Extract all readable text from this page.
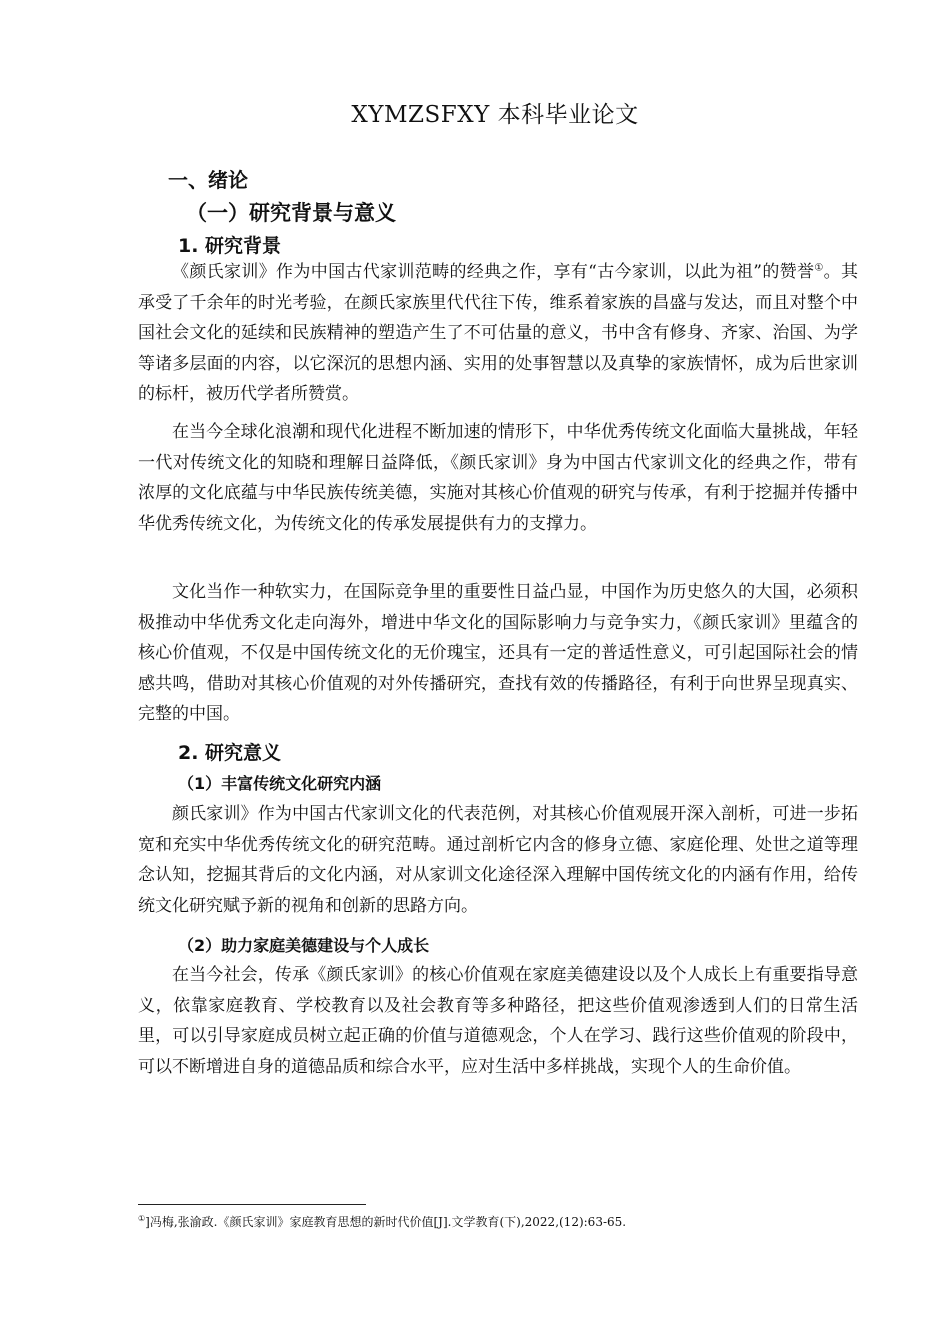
XYMZSFXY 本科毕业论文
一、绪论
（一）研究背景与意义
1. 研究背景

《颜氏家训》作为中国古代家训范畴的经典之作，享有“古今家训，以此为祖”的赞誉①。其承受了千余年的时光考验，在颜氏家族里代代往下传，维系着家族的昌盛与发达，而且对整个中国社会文化的延续和民族精神的塑造产生了不可估量的意义，书中含有修身、齐家、治国、为学等诸多层面的内容，以它深沉的思想内涵、实用的处事智慧以及真挚的家族情怀，成为后世家训的标杆，被历代学者所赞赏。

在当今全球化浪潮和现代化进程不断加速的情形下，中华优秀传统文化面临大量挑战，年轻一代对传统文化的知晓和理解日益降低，《颜氏家训》身为中国古代家训文化的经典之作，带有浓厚的文化底蕴与中华民族传统美德，实施对其核心价值观的研究与传承，有利于挖掘并传播中华优秀传统文化，为传统文化的传承发展提供有力的支撑力。

文化当作一种软实力，在国际竞争里的重要性日益凸显，中国作为历史悠久的大国，必须积极推动中华优秀文化走向海外，增进中华文化的国际影响力与竞争实力，《颜氏家训》里蕴含的核心价值观，不仅是中国传统文化的无价瑰宝，还具有一定的普适性意义，可引起国际社会的情感共鸣，借助对其核心价值观的对外传播研究，查找有效的传播路径，有利于向世界呈现真实、完整的中国。

2. 研究意义
（1）丰富传统文化研究内涵

颜氏家训》作为中国古代家训文化的代表范例，对其核心价值观展开深入剖析，可进一步拓宽和充实中华优秀传统文化的研究范畴。通过剖析它内含的修身立德、家庭伦理、处世之道等理念认知，挖掘其背后的文化内涵，对从家训文化途径深入理解中国传统文化的内涵有作用，给传统文化研究赋予新的视角和创新的思路方向。

（2）助力家庭美德建设与个人成长

在当今社会，传承《颜氏家训》的核心价值观在家庭美德建设以及个人成长上有重要指导意义，依靠家庭教育、学校教育以及社会教育等多种路径，把这些价值观渗透到人们的日常生活里，可以引导家庭成员树立起正确的价值与道德观念，个人在学习、践行这些价值观的阶段中，可以不断增进自身的道德品质和综合水平，应对生活中多样挑战，实现个人的生命价值。

①]冯梅,张渝政.《颜氏家训》家庭教育思想的新时代价值[J].文学教育(下),2022,(12):63-65.
